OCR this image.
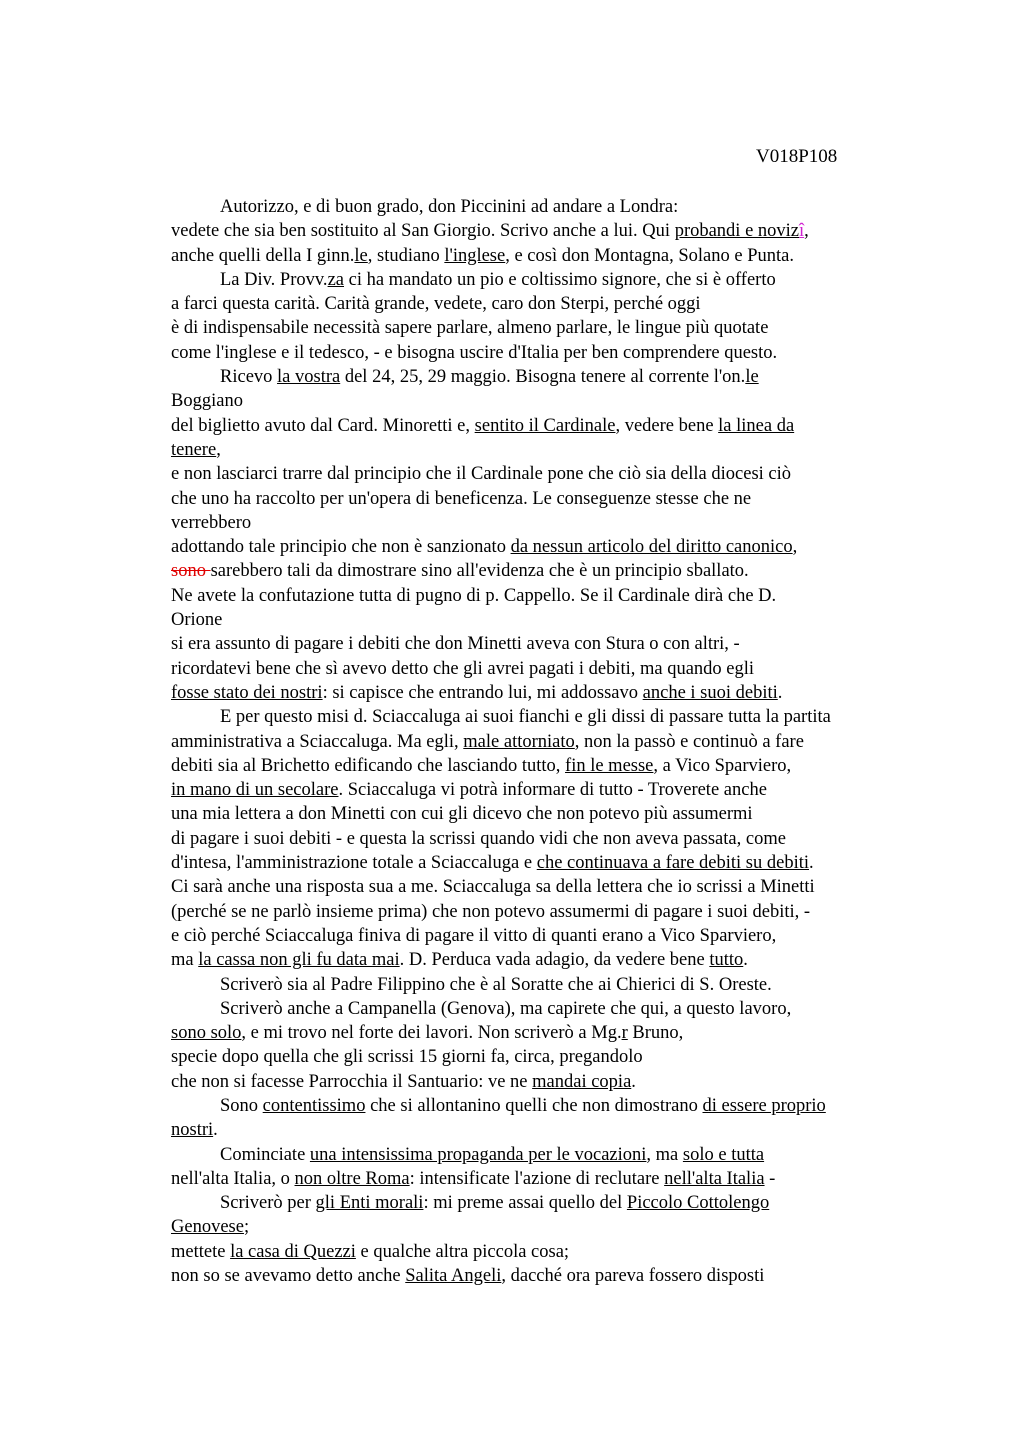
V018P108
Autorizzo, e di buon grado, don Piccinini ad andare a Londra:
vedete che sia ben sostituito al San Giorgio. Scrivo anche a lui. Qui probandi e novizî,
anche quelli della I ginn.le, studiano l'inglese, e così don Montagna, Solano e Punta.
La Div. Provv.za ci ha mandato un pio e coltissimo signore, che si è offerto
a farci questa carità. Carità grande, vedete, caro don Sterpi, perché oggi
è di indispensabile necessità sapere parlare, almeno parlare, le lingue più quotate
come l'inglese e il tedesco, - e bisogna uscire d'Italia per ben comprendere questo.
Ricevo la vostra del 24, 25, 29 maggio. Bisogna tenere al corrente l'on.le
Boggiano
del biglietto avuto dal Card. Minoretti e, sentito il Cardinale, vedere bene la linea da
tenere,
e non lasciarci trarre dal principio che il Cardinale pone che ciò sia della diocesi ciò
che uno ha raccolto per un'opera di beneficenza. Le conseguenze stesse che ne
verrebbero
adottando tale principio che non è sanzionato da nessun articolo del diritto canonico,
sono sarebbero tali da dimostrare sino all'evidenza che è un principio sballato.
Ne avete la confutazione tutta di pugno di p. Cappello. Se il Cardinale dirà che D.
Orione
si era assunto di pagare i debiti che don Minetti aveva con Stura o con altri, -
ricordatevi bene che sì avevo detto che gli avrei pagati i debiti, ma quando egli
fosse stato dei nostri: si capisce che entrando lui, mi addossavo anche i suoi debiti.
E per questo misi d. Sciaccaluga ai suoi fianchi e gli dissi di passare tutta la partita
amministrativa a Sciaccaluga. Ma egli, male attorniato, non la passò e continuò a fare
debiti sia al Brichetto edificando che lasciando tutto, fin le messe, a Vico Sparviero,
in mano di un secolare. Sciaccaluga vi potrà informare di tutto - Troverete anche
una mia lettera a don Minetti con cui gli dicevo che non potevo più assumermi
di pagare i suoi debiti - e questa la scrissi quando vidi che non aveva passata, come
d'intesa, l'amministrazione totale a Sciaccaluga e che continuava a fare debiti su debiti.
Ci sarà anche una risposta sua a me. Sciaccaluga sa della lettera che io scrissi a Minetti
(perché se ne parlò insieme prima) che non potevo assumermi di pagare i suoi debiti, -
e ciò perché Sciaccaluga finiva di pagare il vitto di quanti erano a Vico Sparviero,
ma la cassa non gli fu data mai. D. Perduca vada adagio, da vedere bene tutto.
Scriverò sia al Padre Filippino che è al Soratte che ai Chierici di S. Oreste.
Scriverò anche a Campanella (Genova), ma capirete che qui, a questo lavoro,
sono solo, e mi trovo nel forte dei lavori. Non scriverò a Mg.r Bruno,
specie dopo quella che gli scrissi 15 giorni fa, circa, pregandolo
che non si facesse Parrocchia il Santuario: ve ne mandai copia.
Sono contentissimo che si allontanino quelli che non dimostrano di essere proprio
nostri.
Cominciate una intensissima propaganda per le vocazioni, ma solo e tutta
nell'alta Italia, o non oltre Roma: intensificate l'azione di reclutare nell'alta Italia -
Scriverò per gli Enti morali: mi preme assai quello del Piccolo Cottolengo
Genovese;
mettete la casa di Quezzi e qualche altra piccola cosa;
non so se avevamo detto anche Salita Angeli, dacché ora pareva fossero disposti
